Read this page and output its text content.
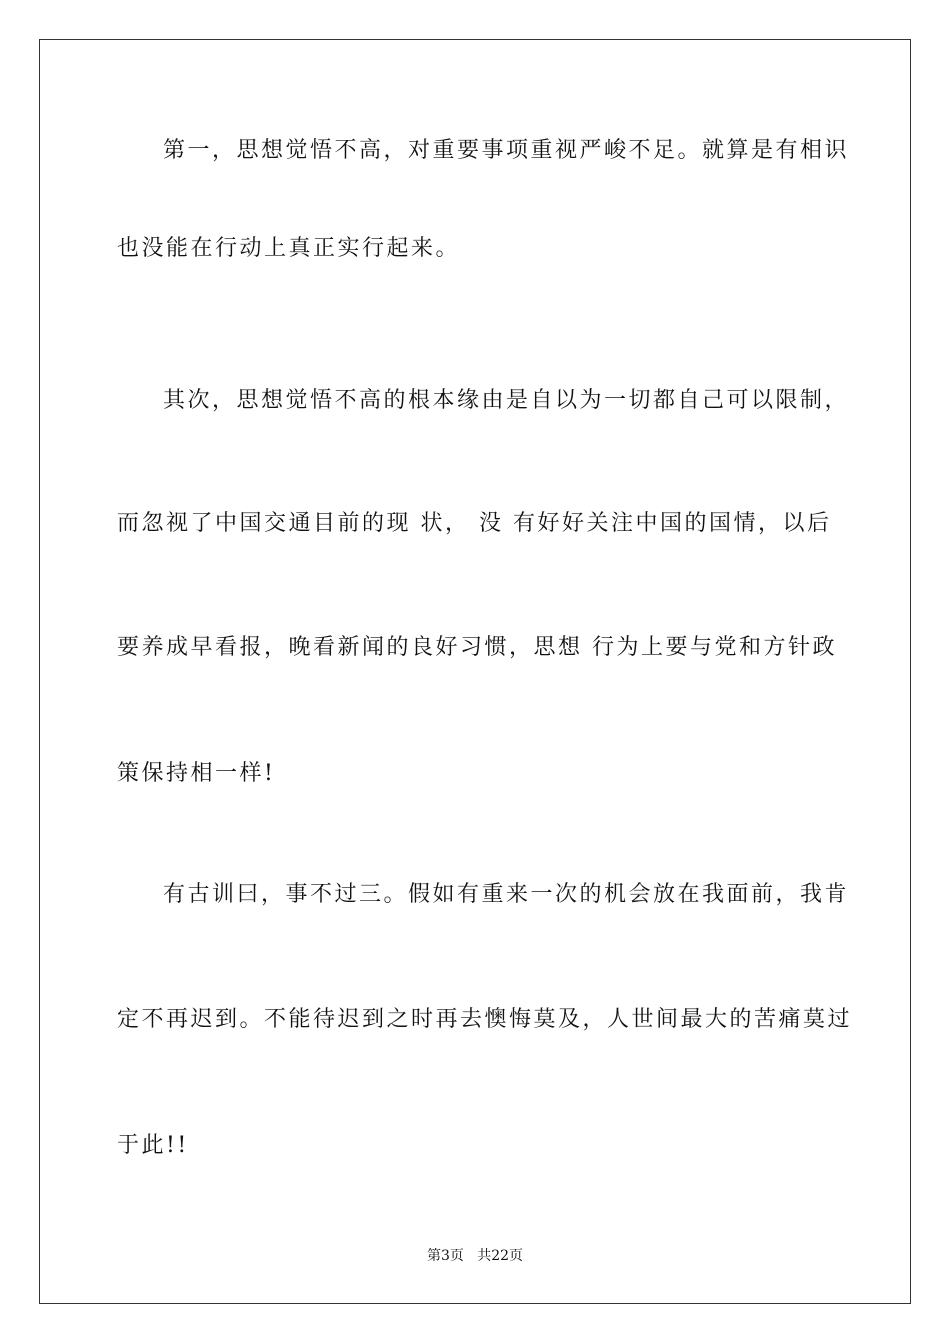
第一，思想觉悟不高，对重要事项重视严峻不足。就算是有相识
也没能在行动上真正实行起来。
其次，思想觉悟不高的根本缘由是自以为一切都自己可以限制，
而忽视了中国交通目前的现 状， 没 有好好关注中国的国情，以后
要养成早看报，晚看新闻的良好习惯，思想 行为上要与党和方针政
策保持相一样!
有古训曰，事不过三。假如有重来一次的机会放在我面前，我肯
定不再迟到。不能待迟到之时再去懊悔莫及，人世间最大的苦痛莫过
于此!!
第3页   共22页
